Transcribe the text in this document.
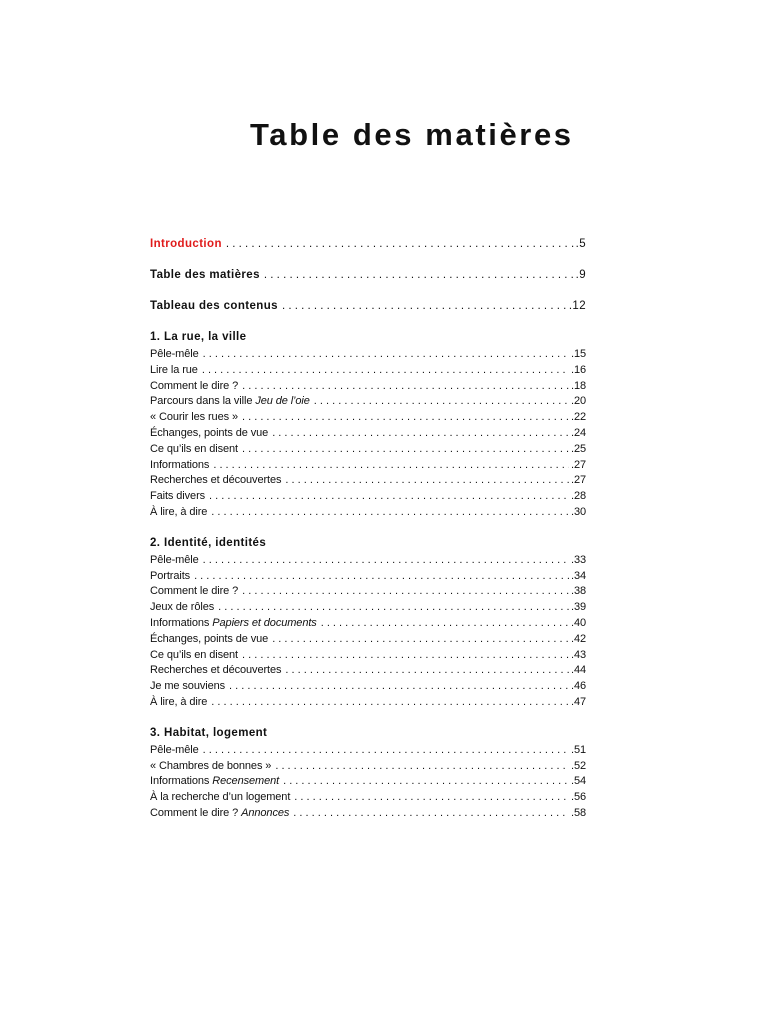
Table des matières
Introduction . . .	.5
Table des matières . . .	.9
Tableau des contenus . . .	.12
1. La rue, la ville
Pêle-mêle . . .	.15
Lire la rue . . .	.16
Comment le dire ? . . .	.18
Parcours dans la ville Jeu de l’oie . . .	.20
« Courir les rues » . . .	.22
Échanges, points de vue . . .	.24
Ce qu’ils en disent . . .	.25
Informations . . .	.27
Recherches et découvertes . . .	.27
Faits divers . . .	.28
À lire, à dire . . .	.30
2. Identité, identités
Pêle-mêle . . .	.33
Portraits . . .	.34
Comment le dire ? . . .	.38
Jeux de rôles . . .	.39
Informations Papiers et documents . . .	.40
Échanges, points de vue . . .	.42
Ce qu’ils en disent . . .	.43
Recherches et découvertes . . .	.44
Je me souviens . . .	.46
À lire, à dire . . .	.47
3. Habitat, logement
Pêle-mêle . . .	.51
« Chambres de bonnes » . . .	.52
Informations Recensement . . .	.54
À la recherche d’un logement . . .	.56
Comment le dire ? Annonces . . .	.58
